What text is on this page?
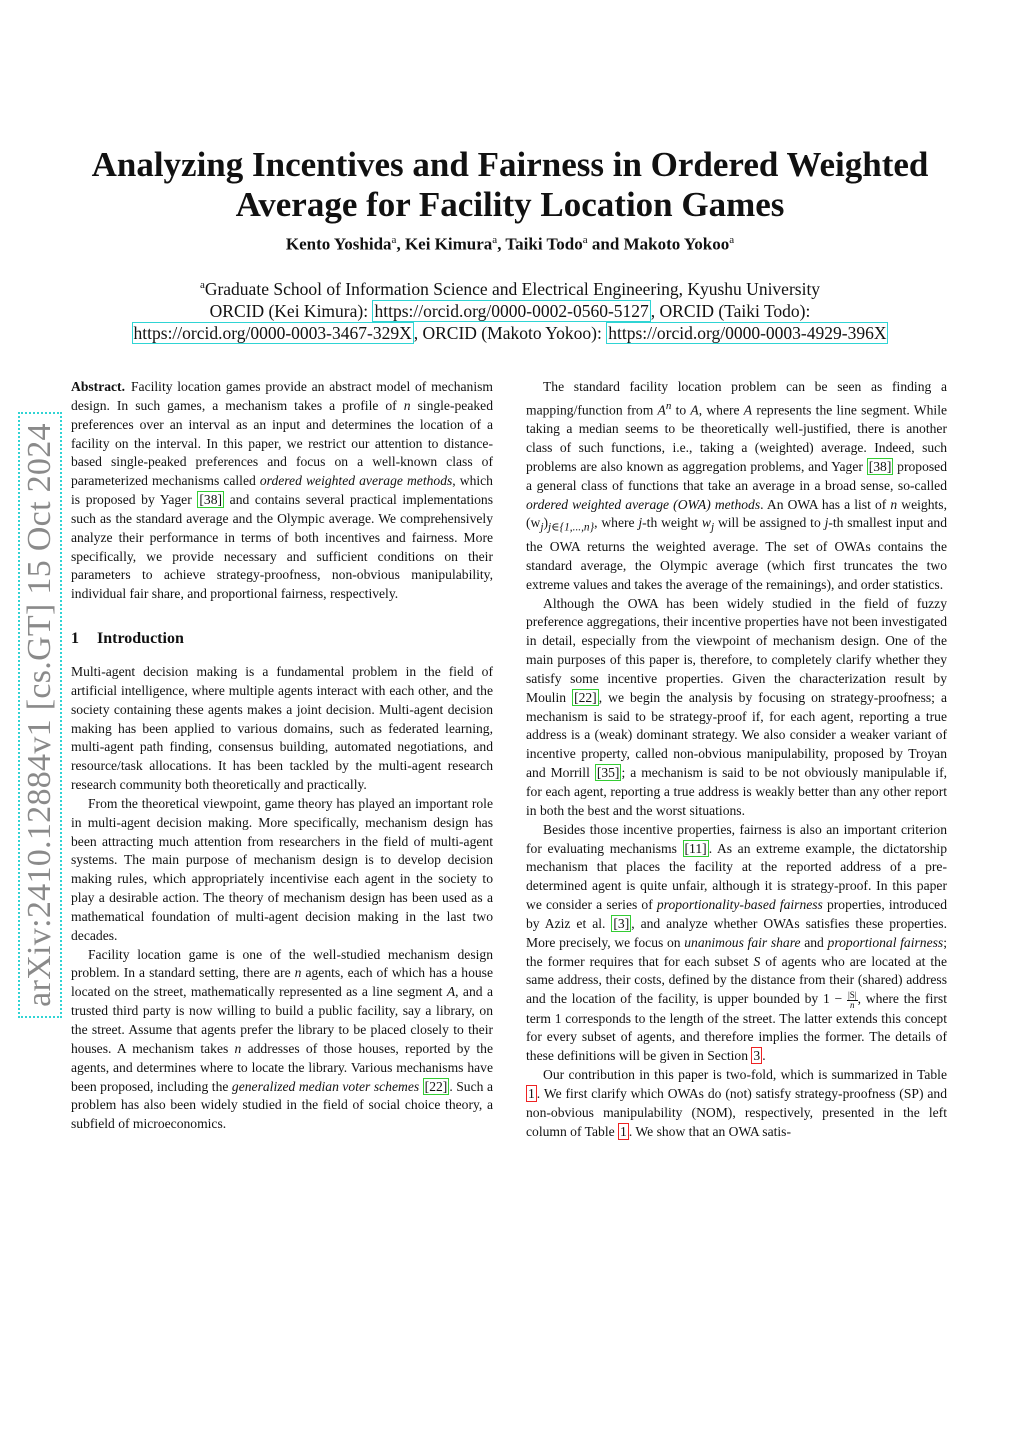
arXiv:2410.12884v1 [cs.GT] 15 Oct 2024
Analyzing Incentives and Fairness in Ordered Weighted
Average for Facility Location Games
Kento Yoshida$^a$, Kei Kimura$^a$, Taiki Todo$^a$ and Makoto Yokoo$^a$
$^a$Graduate School of Information Science and Electrical Engineering, Kyushu University
ORCID (Kei Kimura): https://orcid.org/0000-0002-0560-5127 , ORCID (Taiki Todo):
https://orcid.org/0000-0003-3467-329X , ORCID (Makoto Yokoo): https://orcid.org/0000-0003-4929-396X

Abstract. Facility location games provide an abstract model of mechanism design. In such games, a mechanism takes a profile of n single-peaked preferences over an interval as an input and determines the location of a facility on the interval. In this paper, we restrict our attention to distance-based single-peaked preferences and focus on a well-known class of parameterized mechanisms called ordered weighted average methods, which is proposed by Yager [38] and contains several practical implementations such as the standard average and the Olympic average. We comprehensively analyze their performance in terms of both incentives and fairness. More specifically, we provide necessary and sufficient conditions on their parameters to achieve strategy-proofness, non-obvious manipulability, individual fair share, and proportional fairness, respectively.

1 Introduction

Multi-agent decision making is a fundamental problem in the field of artificial intelligence, where multiple agents interact with each other, and the society containing these agents makes a joint decision. Multi-agent decision making has been applied to various domains, such as federated learning, multi-agent path finding, consensus building, automated negotiations, and resource/task allocations. It has been tackled by the multi-agent research research community both theoretically and practically.

From the theoretical viewpoint, game theory has played an important role in multi-agent decision making. More specifically, mechanism design has been attracting much attention from researchers in the field of multi-agent systems. The main purpose of mechanism design is to develop decision making rules, which appropriately incentivise each agent in the society to play a desirable action. The theory of mechanism design has been used as a mathematical foundation of multi-agent decision making in the last two decades.

Facility location game is one of the well-studied mechanism design problem. In a standard setting, there are n agents, each of which has a house located on the street, mathematically represented as a line segment A, and a trusted third party is now willing to build a public facility, say a library, on the street. Assume that agents prefer the library to be placed closely to their houses. A mechanism takes n addresses of those houses, reported by the agents, and determines where to locate the library. Various mechanisms have been proposed, including the generalized median voter schemes [22] . Such a problem has also been widely studied in the field of social choice theory, a subfield of microeconomics.

The standard facility location problem can be seen as finding a mapping/function from $A^n$ to A, where A represents the line segment. While taking a median seems to be theoretically well-justified, there is another class of such functions, i.e., taking a (weighted) average. Indeed, such problems are also known as aggregation problems, and Yager [38] proposed a general class of functions that take an average in a broad sense, so-called ordered weighted average (OWA) methods. An OWA has a list of n weights, $(w_j)_{j\in\{1,...,n\}}$, where j-th weight $w_j$ will be assigned to j-th smallest input and the OWA returns the weighted average. The set of OWAs contains the standard average, the Olympic average (which first truncates the two extreme values and takes the average of the remainings), and order statistics.

Although the OWA has been widely studied in the field of fuzzy preference aggregations, their incentive properties have not been investigated in detail, especially from the viewpoint of mechanism design. One of the main purposes of this paper is, therefore, to completely clarify whether they satisfy some incentive properties. Given the characterization result by Moulin [22] , we begin the analysis by focusing on strategy-proofness; a mechanism is said to be strategy-proof if, for each agent, reporting a true address is a (weak) dominant strategy. We also consider a weaker variant of incentive property, called non-obvious manipulability, proposed by Troyan and Morrill [35] ; a mechanism is said to be not obviously manipulable if, for each agent, reporting a true address is weakly better than any other report in both the best and the worst situations.

Besides those incentive properties, fairness is also an important criterion for evaluating mechanisms [11] . As an extreme example, the dictatorship mechanism that places the facility at the reported address of a pre-determined agent is quite unfair, although it is strategy-proof. In this paper we consider a series of proportionality-based fairness properties, introduced by Aziz et al. [3] , and analyze whether OWAs satisfies these properties. More precisely, we focus on unanimous fair share and proportional fairness; the former requires that for each subset S of agents who are located at the same address, their costs, defined by the distance from their (shared) address and the location of the facility, is upper bounded by $1 - \frac{|S|}{n}$ , where the first term 1 corresponds to the length of the street. The latter extends this concept for every subset of agents, and therefore implies the former. The details of these definitions will be given in Section 3 .

Our contribution in this paper is two-fold, which is summarized in Table 1 . We first clarify which OWAs do (not) satisfy strategy-proofness (SP) and non-obvious manipulability (NOM), respectively, presented in the left column of Table 1 . We show that an OWA satis-
